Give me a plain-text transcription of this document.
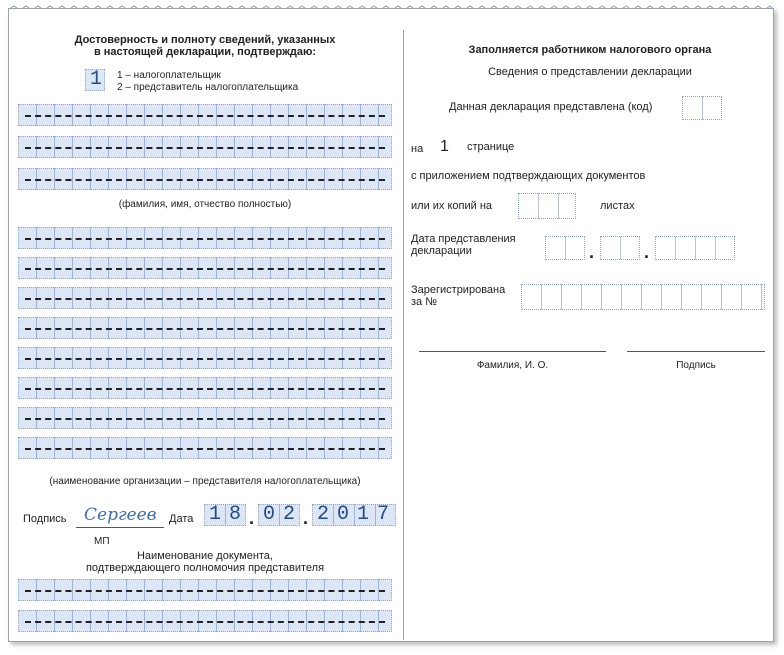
Достоверность и полноту сведений, указанных
в настоящей декларации, подтверждаю:
1 1 – налогоплательщик
2 – представитель налогоплательщика
(фамилия, имя, отчество полностью)
(наименование организации – представителя налогоплательщика)
Подпись Сергеев Дата 18 . 02 . 2017
МП
Наименование документа,
подтверждающего полномочия представителя
Заполняется работником налогового органа
Сведения о представлении декларации
Данная декларация представлена (код)
на 1 странице
с приложением подтверждающих документов
или их копий на	листах
Дата представления
декларации	.	.
Зарегистрирована
за №
Фамилия, И. О.	Подпись
